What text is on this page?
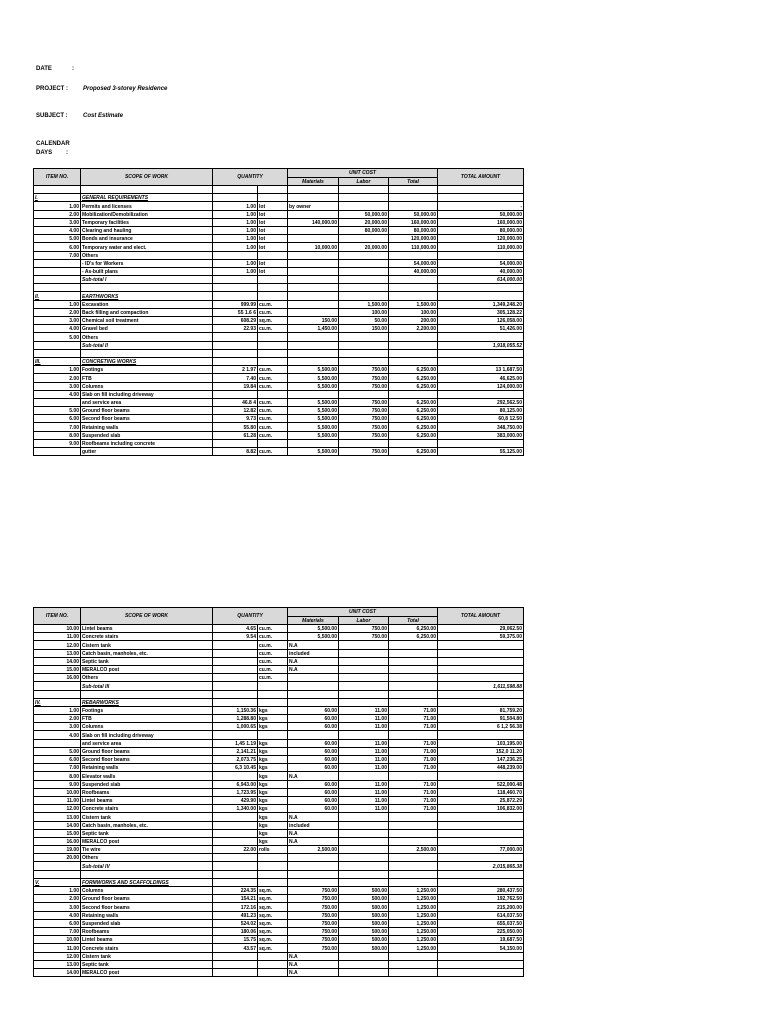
DATE	:
PROJECT : Proposed 3-storey Residence
SUBJECT :	Cost Estimate
CALENDAR
DAYS :
ITEM NO.	SCOPE OF WORK	QUANTITY		UNIT COST			TOTAL AMOUNT
				Materials	Labor	Total	

I.	GENERAL REQUIREMENTS						
1.00	Permits and licenses	1.00	lot	by owner			-
2.00	Mobilization/Demobilization	1.00	lot		50,000.00	50,000.00	50,000.00
3.00	Temporary facilities	1.00	lot	140,000.00	20,000.00	160,000.00	160,000.00
4.00	Clearing and hauling	1.00	lot		80,000.00	80,000.00	80,000.00
5.00	Bonds and insurance	1.00	lot			120,000.00	120,000.00
6.00	Temporary water and elect.	1.00	lot	10,000.00	20,000.00	110,000.00	110,000.00
7.00	Others						
	- ID's for Workers	1.00	lot			54,000.00	54,000.00
	- As-built plans	1.00	lot			40,000.00	40,000.00
	Sub-total I						614,000.00

II.	EARTHWORKS						
1.00	Excavation	999.99	cu.m.		1,500.00	1,500.00	1,349,248.20
2.00	Back filling and compaction	55 1.6 6	cu.m.		100.00	100.00	305,128.22
3.00	Chemical soil treatment	608.29	sq.m.	150.00	50.00	200.00	126,058.00
4.00	Gravel bed	22.93	cu.m.	1,450.00	150.00	2,200.00	51,426.00
5.00	Others						
	Sub-total II						1,918,055.52

III.	CONCRETING WORKS						
1.00	Footings	2 1.97	cu.m.	5,500.00	750.00	6,250.00	13 1,687.50
2.00	FTB	7.40	cu.m.	5,500.00	750.00	6,250.00	46,625.00
3.00	Columns	19.84	cu.m.	5,500.00	750.00	6,250.00	124,000.00
4.00	Slab on fill including driveway						
	and service area	46.8 4	cu.m.	5,500.00	750.00	6,250.00	292,562.50
5.00	Ground floor beams	12.82	cu.m.	5,500.00	750.00	6,250.00	80,125.00
6.00	Second floor beams	9.73	cu.m.	5,500.00	750.00	6,250.00	60,8 12.50
7.00	Retaining walls	55.80	cu.m.	5,500.00	750.00	6,250.00	348,750.00
8.00	Suspended slab	61.28	cu.m.	5,500.00	750.00	6,250.00	383,000.00
9.00	Roofbeams including concrete						
	gutter	8.82	cu.m.	5,500.00	750.00	6,250.00	55,125.00
ITEM NO.	SCOPE OF WORK	QUANTITY		UNIT COST			TOTAL AMOUNT
				Materials	Labor	Total	
10.00	Lintel beams	4.65	cu.m.	5,500.00	750.00	6,250.00	29,062.50
11.00	Concrete stairs	9.54	cu.m.	5,500.00	750.00	6,250.00	59,375.00
12.00	Cistern tank		cu.m.	N.A			
13.00	Catch basin, manholes, etc.		cu.m.	included			
14.00	Septic tank		cu.m.	N.A			
15.00	MERALCO post		cu.m.	N.A			
16.00	Others		cu.m.				
	Sub-total III						1,611,598.88

IV.	REBARWORKS						
1.00	Footings	1,150.36	kgs	60.00	11.00	71.00	81,759.20
2.00	FTB	1,288.80	kgs	60.00	11.00	71.00	91,504.80
3.00	Columns	1,000.65	kgs	60.00	11.00	71.00	6 1,2 56.38
4.00	Slab on fill including driveway						
	and service area	1,45 1.19	kgs	60.00	11.00	71.00	103,195.00
5.00	Ground floor beams	2,141.21	kgs	60.00	11.00	71.00	152,0 11.20
6.00	Second floor beams	2,073.75	kgs	60.00	11.00	71.00	147,236.25
7.00	Retaining walls	6,3 10.45	kgs	60.00	11.00	71.00	448,239.00
8.00	Elevator walls		kgs	N.A			
9.00	Suspended slab	6,943.00	kgs	60.00	11.00	71.00	522,000.48
10.00	Roofbeams	1,723.95	kgs	60.00	11.00	71.00	118,460.70
11.00	Lintel beams	429.90	kgs	60.00	11.00	71.00	25,872.29
12.00	Concrete stairs	1,340.00	kgs	60.00	11.00	71.00	106,832.00
13.00	Cistern tank		kgs	N.A			
14.00	Catch basin, manholes, etc.		kgs	included			
15.00	Septic tank		kgs	N.A			
16.00	MERALCO post		kgs	N.A			
19.00	Tie wire	22.00	rolls	2,500.00		2,500.00	77,000.00
20.00	Others						
	Sub-total IV						2,015,865.38

V.	FORMWORKS AND SCAFFOLDINGS						
1.00	Columns	224.35	sq.m.	750.00	500.00	1,250.00	280,437.50
2.00	Ground floor beams	154.21	sq.m.	750.00	500.00	1,250.00	192,762.50
3.00	Second floor beams	172.16	sq.m.	750.00	500.00	1,250.00	215,200.00
4.00	Retaining walls	491.23	sq.m.	750.00	500.00	1,250.00	614,037.50
6.00	Suspended slab	524.02	sq.m.	750.00	500.00	1,250.00	655,037.50
7.00	Roofbeams	180.06	sq.m.	750.00	500.00	1,250.00	225,050.00
10.00	Lintel beams	15.75	sq.m.	750.00	500.00	1,250.00	19,687.50
11.00	Concrete stairs	43.57	sq.m.	750.00	500.00	1,250.00	54,150.00
12.00	Cistern tank			N.A			
13.00	Septic tank			N.A			
14.00	MERALCO post			N.A			
